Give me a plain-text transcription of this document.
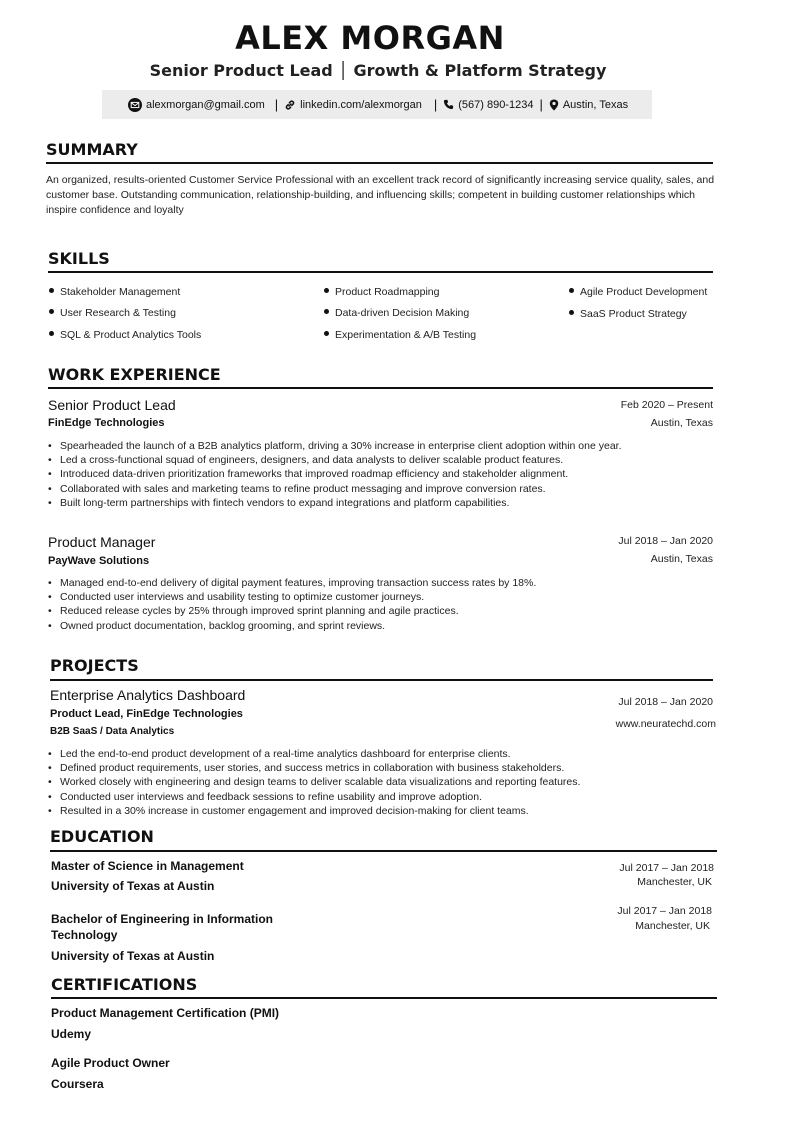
ALEX MORGAN
Senior Product Lead │ Growth & Platform Strategy
alexmorgan@gmail.com | linkedin.com/alexmorgan | (567) 890-1234 | Austin, Texas
SUMMARY
An organized, results-oriented Customer Service Professional with an excellent track record of significantly increasing service quality, sales, and customer base. Outstanding communication, relationship-building, and influencing skills; competent in building customer relationships which inspire confidence and loyalty
SKILLS
Stakeholder Management
User Research & Testing
SQL & Product Analytics Tools
Product Roadmapping
Data-driven Decision Making
Experimentation & A/B Testing
Agile Product Development
SaaS Product Strategy
WORK EXPERIENCE
Senior Product Lead
FinEdge Technologies
Feb 2020 – Present
Austin, Texas
• Spearheaded the launch of a B2B analytics platform, driving a 30% increase in enterprise client adoption within one year.
• Led a cross-functional squad of engineers, designers, and data analysts to deliver scalable product features.
• Introduced data-driven prioritization frameworks that improved roadmap efficiency and stakeholder alignment.
• Collaborated with sales and marketing teams to refine product messaging and improve conversion rates.
• Built long-term partnerships with fintech vendors to expand integrations and platform capabilities.
Product Manager
PayWave Solutions
Jul 2018 – Jan 2020
Austin, Texas
• Managed end-to-end delivery of digital payment features, improving transaction success rates by 18%.
• Conducted user interviews and usability testing to optimize customer journeys.
• Reduced release cycles by 25% through improved sprint planning and agile practices.
• Owned product documentation, backlog grooming, and sprint reviews.
PROJECTS
Enterprise Analytics Dashboard
Product Lead, FinEdge Technologies
B2B SaaS / Data Analytics
Jul 2018 – Jan 2020
www.neuratechd.com
• Led the end-to-end product development of a real-time analytics dashboard for enterprise clients.
• Defined product requirements, user stories, and success metrics in collaboration with business stakeholders.
• Worked closely with engineering and design teams to deliver scalable data visualizations and reporting features.
• Conducted user interviews and feedback sessions to refine usability and improve adoption.
• Resulted in a 30% increase in customer engagement and improved decision-making for client teams.
EDUCATION
Master of Science in Management
University of Texas at Austin
Jul 2017 – Jan 2018
Manchester, UK
Bachelor of Engineering in Information Technology
University of Texas at Austin
Jul 2017 – Jan 2018
Manchester, UK
CERTIFICATIONS
Product Management Certification (PMI)
Udemy
Agile Product Owner
Coursera
